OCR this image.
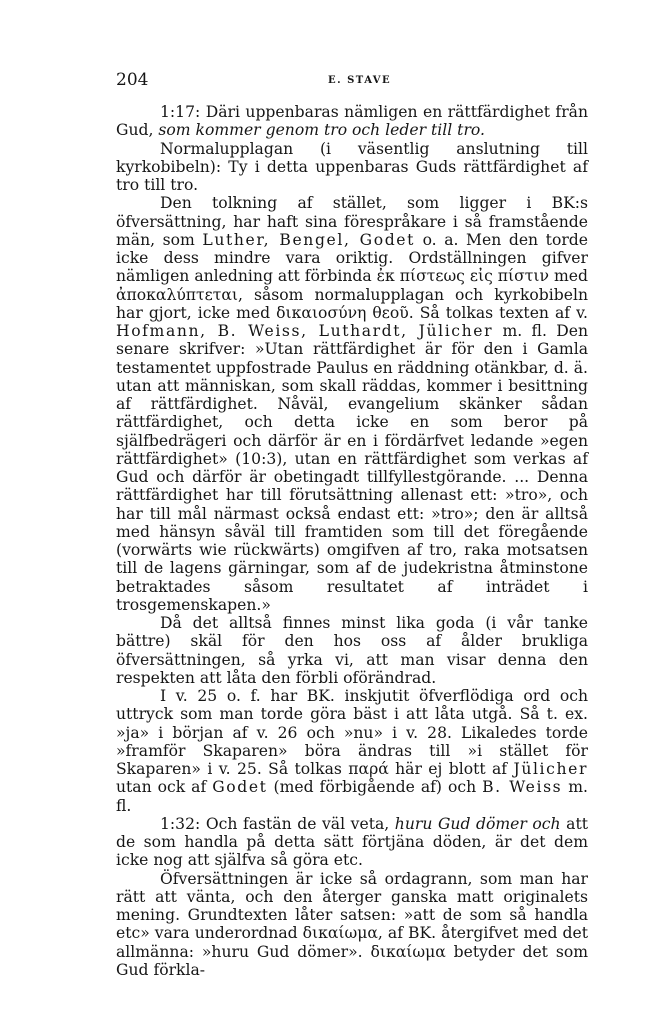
204	E. STAVE

1:17: Däri uppenbaras nämligen en rättfärdighet från Gud, som kommer genom tro och leder till tro.

Normalupplagan (i väsentlig anslutning till kyrkobibeln): Ty i detta uppenbaras Guds rättfärdighet af tro till tro.

Den tolkning af stället, som ligger i BK:s öfversättning, har haft sina förespråkare i så framstående män, som Luther, Bengel, Godet o. a. Men den torde icke dess mindre vara oriktig. Ordställningen gifver nämligen anledning att förbinda ἐκ πίστεως εἰς πίστιν med ἀποκαλύπτεται, såsom normalupplagan och kyrkobibeln har gjort, icke med δικαιοσύνη θεοῦ. Så tolkas texten af v. Hofmann, B. Weiss, Luthardt, Jülicher m. fl. Den senare skrifver: »Utan rättfärdighet är för den i Gamla testamentet uppfostrade Paulus en räddning otänkbar, d. ä. utan att människan, som skall räddas, kommer i besittning af rättfärdighet. Nåväl, evangelium skänker sådan rättfärdighet, och detta icke en som beror på själfbedrägeri och därför är en i fördärfvet ledande »egen rättfärdighet» (10:3), utan en rättfärdighet som verkas af Gud och därför är obetingadt tillfyllestgörande. ... Denna rättfärdighet har till förutsättning allenast ett: »tro», och har till mål närmast också endast ett: »tro»; den är alltså med hänsyn såväl till framtiden som till det föregående (vorwärts wie rückwärts) omgifven af tro, raka motsatsen till de lagens gärningar, som af de judekristna åtminstone betraktades såsom resultatet af inträdet i trosgemenskapen.»

Då det alltså finnes minst lika goda (i vår tanke bättre) skäl för den hos oss af ålder brukliga öfversättningen, så yrka vi, att man visar denna den respekten att låta den förbli oförändrad.

I v. 25 o. f. har BK. inskjutit öfverflödiga ord och uttryck som man torde göra bäst i att låta utgå. Så t. ex. »ja» i början af v. 26 och »nu» i v. 28. Likaledes torde »framför Skaparen» böra ändras till »i stället för Skaparen» i v. 25. Så tolkas παρά här ej blott af Jülicher utan ock af Godet (med förbigående af) och B. Weiss m. fl.

1:32: Och fastän de väl veta, huru Gud dömer och att de som handla på detta sätt förtjäna döden, är det dem icke nog att själfva så göra etc.

Öfversättningen är icke så ordagrann, som man har rätt att vänta, och den återger ganska matt originalets mening. Grundtexten låter satsen: »att de som så handla etc» vara underordnad δικαίωμα, af BK. återgifvet med det allmänna: »huru Gud dömer». δικαίωμα betyder det som Gud förkla-
